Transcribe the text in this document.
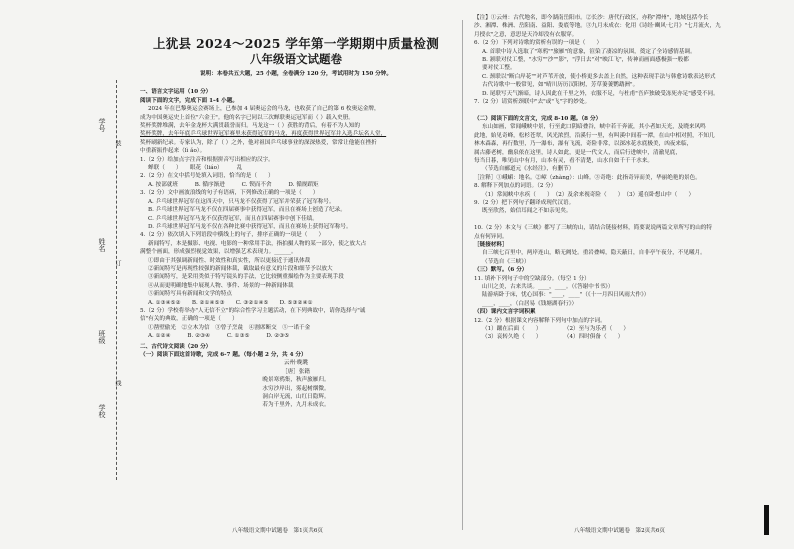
学号
姓名
班级
学校
装
订
线
上犹县 2024～2025 学年第一学期期中质量检测
八年级语文试题卷
说明：本卷共五大题，25 小题，全卷满分 120 分，考试用时为 150 分钟。

一、语言文字运用（10 分）

阅读下面的文字，完成下面 1-4 小题。

2024 年在巴黎奥运会赛场上，已参加 4 届奥运会的马龙，也收获了自己的第 6 枚奥运金牌，

成为中国奥运史上首位"六金王"。他的名字已同以三次蝉联奥运冠军而（ ）载入史册。

奖杯奖牌堆满，去年金龙杯大满贯载誉而归。马龙这一（ ）获胜的背后，有着不为人知的

奖杯奖牌，去年年底乒乓球世界冠军赛里未获得冠军的马龙，再度获得世界冠军并入选乒坛名人堂，

奖杯刷新纪录。专家认为，除了（ ）之外，他对祖国乒乓球事业的深深热爱，常常让他能在挫折

中重新振作起来（lì ǎo）。

1.（2 分）给加点字注音和根据拼音写出相应的汉字。

蝉联（　　）　　眼花（liáo）　　　乱

2.（2 分）在文中括号处填入词语，恰当的是（　　）

A. 按部就班　　　B. 循序渐进　　　C. 锲而不舍　　　D. 循规蹈矩

3.（2 分）文中画波浪线的句子有语病，下列修改正确的一项是（　　）

A. 乒乓球世界冠军在这四天中，只马龙不仅获得了冠军并荣获了冠军称号。

B. 乒乓球世界冠军马龙不仅在四届赛事中获得冠军，而且在赛场上创造了纪录。

C. 乒乓球世界冠军马龙不仅获得冠军，而且在四届赛事中创下佳绩。

D. 乒乓球世界冠军马龙不仅在各种比赛中获得冠军，而且在赛场上获得冠军称号。

4.（2 分）依次填入下列语段中横线上的句子，排序正确的一项是（　　）

新闻特写，本是摄影、电视、电影的一种常用手法，指拍摄人物的某一部分，使之放大占

满整个画面，形成强烈视觉效果，以增强艺术表现力。______。

①即由于其强调新闻性、时效性和真实性，所以更接近于通讯体裁

②新闻特写是再现性较强的新闻体裁，截取最有意义的片段和细节予以放大

③新闻特写，是采用类似于特写镜头的手法，它比较侧重描绘作为主要表现手段

④从而更明确地集中展现人物、事件、场景的一种新闻体裁

⑤新闻特写具有新闻和文学的特点

A. ①③④⑤②　　B. ②①④⑤③　　C. ③②①④⑤　　D. ⑤③②④①

5.（2 分）学校将举办"人无信不立"的综合性学习主题活动，在下列典故中，请你选择与"诚

信"有关的典故，正确的一项是（　　）

①凿壁偷光　②立木为信　③曾子烹彘　④割席断交　⑤一诺千金

A. ①②④　　　B. ②③④　　　C. ①③⑤　　　D. ②③⑤

二、古代诗文阅读（20 分）

（一）阅读下面这首诗歌，完成 6-7 题。（每小题 2 分，共 4 分）

云州·晚眺

［唐］张籍

晚景寒鸦集，秋声旅雁归。

水穷沙岸出，雾起树烟微。

洞白岸无流，山红日隐辉。

若为千里外，九月未成衣。

【注】①云州：古代地名，即今湖南岳阳市。②长沙：唐代行政区，亦称"潭州"，地域包括今长

沙、湘潭、株洲、岳阳南、益阳、娄底等地。③九月未成衣：化用《诗经·豳风·七月》"七月流火，九

月授衣"之意，意思是天冷却没有衣服穿。

6.（2 分）下列对诗歌的赏析有误的一项是（　　）

A. 首联中诗人选取了"寒鸦""旅雁"的意象，渲染了凄凉的氛围，奠定了全诗感情基调。

B. 颔联对仗工整，"水穷""沙""影"，"浮日去"对"映江飞"，传神而画面感极强一般都

要对仗工整。

C. 颈联以"断白岸花""对芦苇开放，使小桥更多去盖上自然，这种表现手法与韩愈诗歌表达形式

古代诗歌中一般常见，如"晴川历历汉阳树，芳草萋萋鹦鹉洲"。

D. 尾联写天气渐暗，诗人因此在千里之外，衣服不足，与杜甫"吾庐独破受冻死亦足"感受不同。

7.（2 分）请赏析颈联中"去"或"飞"字的妙处。

（二）阅读下面的文言文，完成 8-10 题。（8 分）

东山如画，常闻峨峡中景，行至此口阴暗叠谷，峡中若干奔流，其小者如天光，及晓来风鸣

此地，始见奇峰，松杉苍翠，风光浓烈，沿溪行一里，有叫溪中间着一潭，在山中相对照，不知几

林木森森，再行数里，乃一瀑布，瀑有飞流，奇险非常，以深冰花水底极美，凶夜来临，

属古藤老树，幽泉依在这里，诗人如此，更是一代文人，而后行进峡中，清澈见底，

每当日暮，唯见山中有月，山本有灵，看不清楚，山水自如千千千水来。

（节选自郦道元《水经注》，有删节）

［注释］①峨嵋：地名。②嶂（zhàng）：山峰。③奇绝：此指奇异而美，华丽绝艳的景色。

8. 解释下列加点的词语。（2 分）

（1）常闻峡中水疾（　　）　（2）及余来视奇险（　　）　（3）遥在卧想山中（　　）

9.（2 分）把下列句子翻译成现代汉语。

既至欣然，始信耳闻之不如亲见矣。

10.（2 分）本文与《三峡》都写了三峡的山，请结合链接材料，简要说说两篇文章所写的山的特

点有何异同。

［链接材料］

自三峡七百里中，两岸连山，略无阙处。重岩叠嶂，隐天蔽日，自非亭午夜分，不见曦月。

（节选自《三峡》）

（三）默写。（6 分）

11. 填补下列句子中的空缺部分。（每空 1 分）

山川之美，古来共谈。____，____。（《答谢中书书》）

陆游病卧于床，忧心国事："____，____"（《十一月四日风雨大作》）

____，____，（白居易《钱塘湖春行》）

（四）课内文言字词积累

12.（2 分）根据课文内容解释下列句中加点的字词。

（1）蹴在后面（　　）　　　　　（2）至与为乐者（　　）

（3）哀转久绝（　　）　　　　　（4）四时俱备（　　）

八年级语文期中试题卷　第1页共6页	八年级语文期中试题卷　第2页共6页
